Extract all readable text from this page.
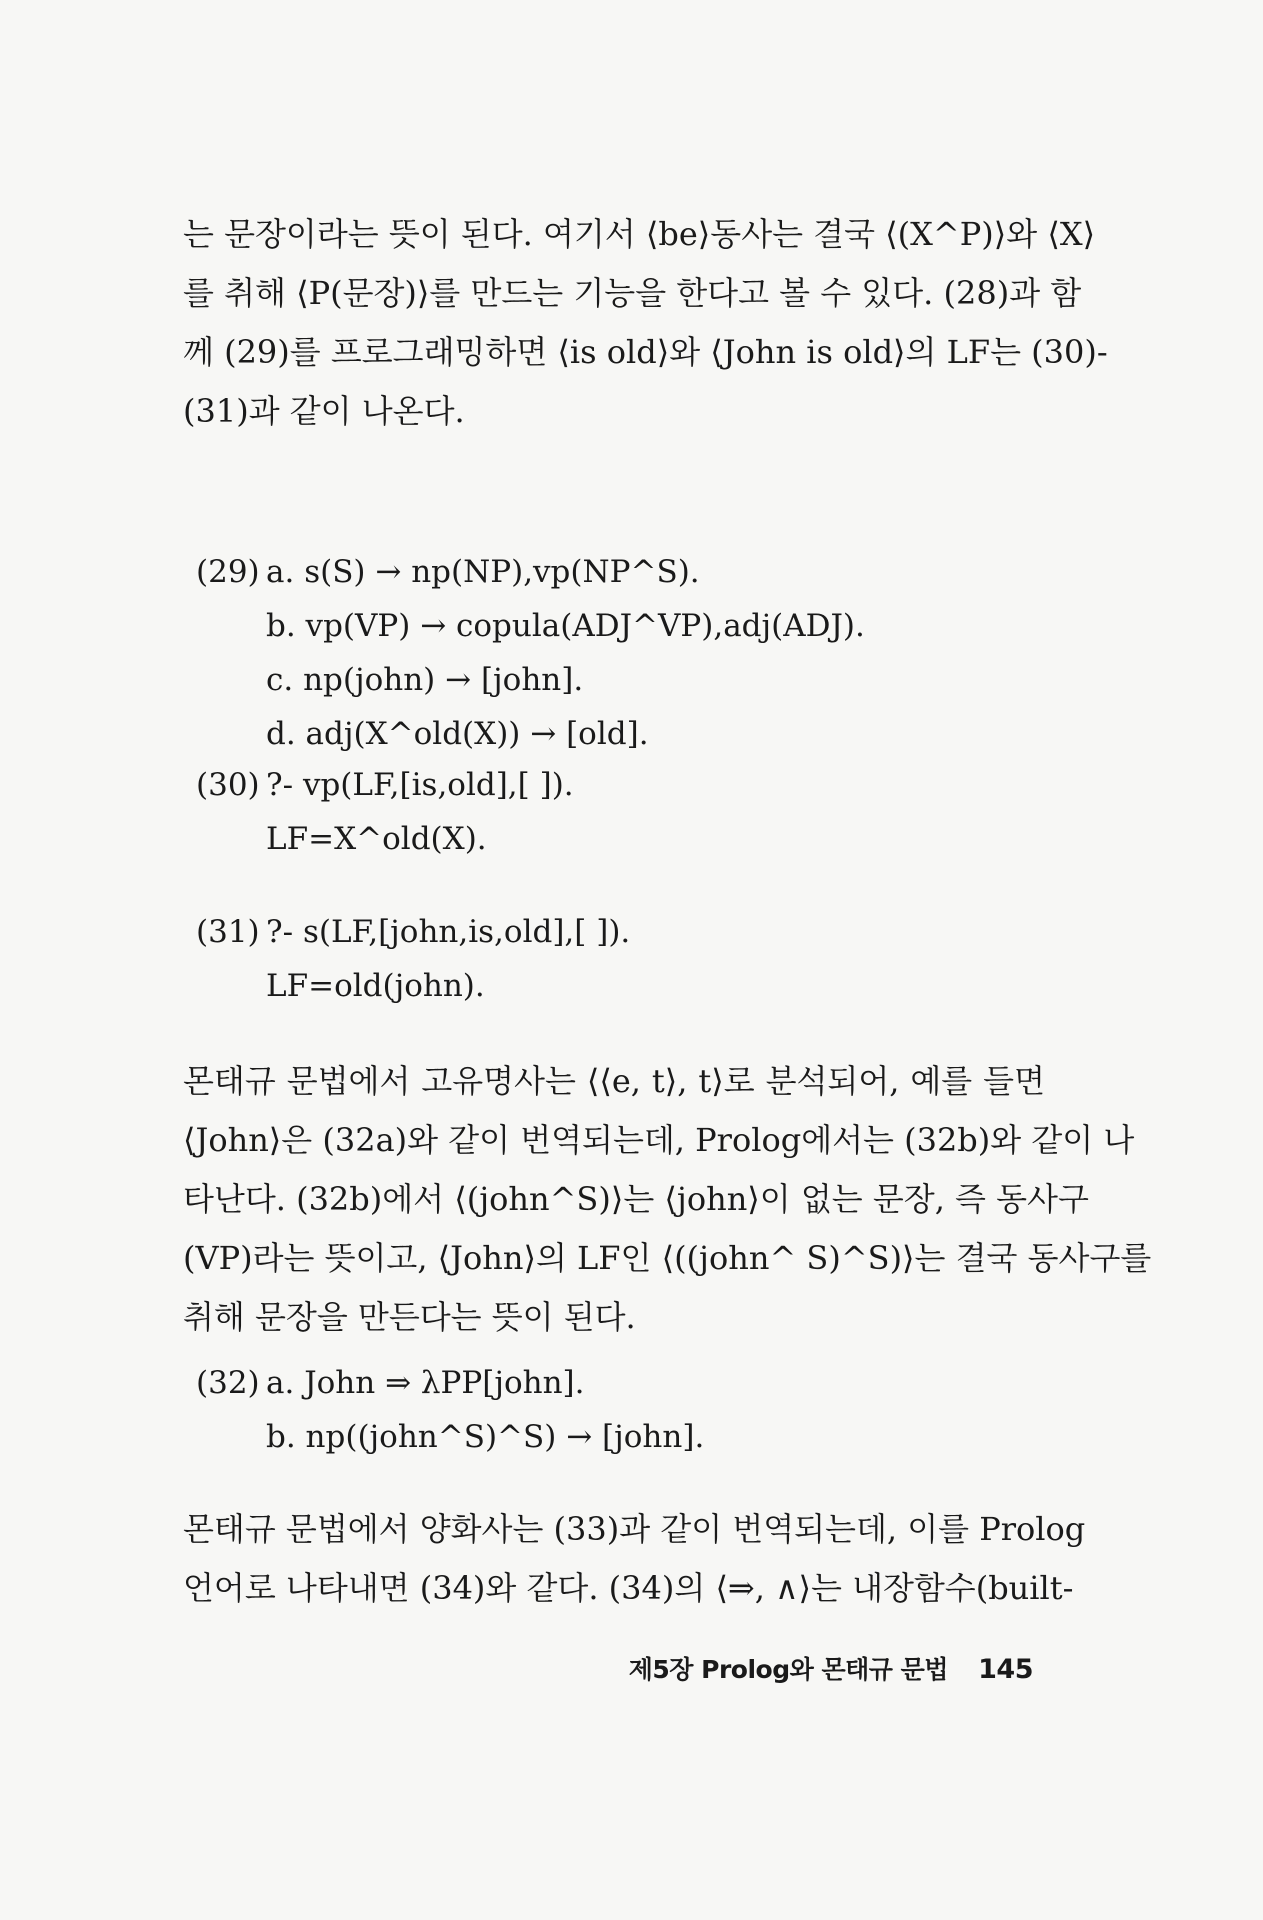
는 문장이라는 뜻이 된다. 여기서 ⟨be⟩동사는 결국 ⟨(X^P)⟩와 ⟨X⟩
를 취해 ⟨P(문장)⟩를 만드는 기능을 한다고 볼 수 있다. (28)과 함
께 (29)를 프로그래밍하면 ⟨is old⟩와 ⟨John is old⟩의 LF는 (30)-
(31)과 같이 나온다.
(29) a. s(S) → np(NP),vp(NP^S).
b. vp(VP) → copula(ADJ^VP),adj(ADJ).
c. np(john) → [john].
d. adj(X^old(X)) → [old].
(30) ?- vp(LF,[is,old],[ ]).
LF=X^old(X).
(31) ?- s(LF,[john,is,old],[ ]).
LF=old(john).
몬태규 문법에서 고유명사는 ⟨⟨e, t⟩, t⟩로 분석되어, 예를 들면
⟨John⟩은 (32a)와 같이 번역되는데, Prolog에서는 (32b)와 같이 나
타난다. (32b)에서 ⟨(john^S)⟩는 ⟨john⟩이 없는 문장, 즉 동사구
(VP)라는 뜻이고, ⟨John⟩의 LF인 ⟨((john^ S)^S)⟩는 결국 동사구를
취해 문장을 만든다는 뜻이 된다.
(32) a. John ⇒ λPP[john].
b. np((john^S)^S) → [john].
몬태규 문법에서 양화사는 (33)과 같이 번역되는데, 이를 Prolog
언어로 나타내면 (34)와 같다. (34)의 ⟨⇒, ∧⟩는 내장함수(built-
제5장 Prolog와 몬태규 문법 145
